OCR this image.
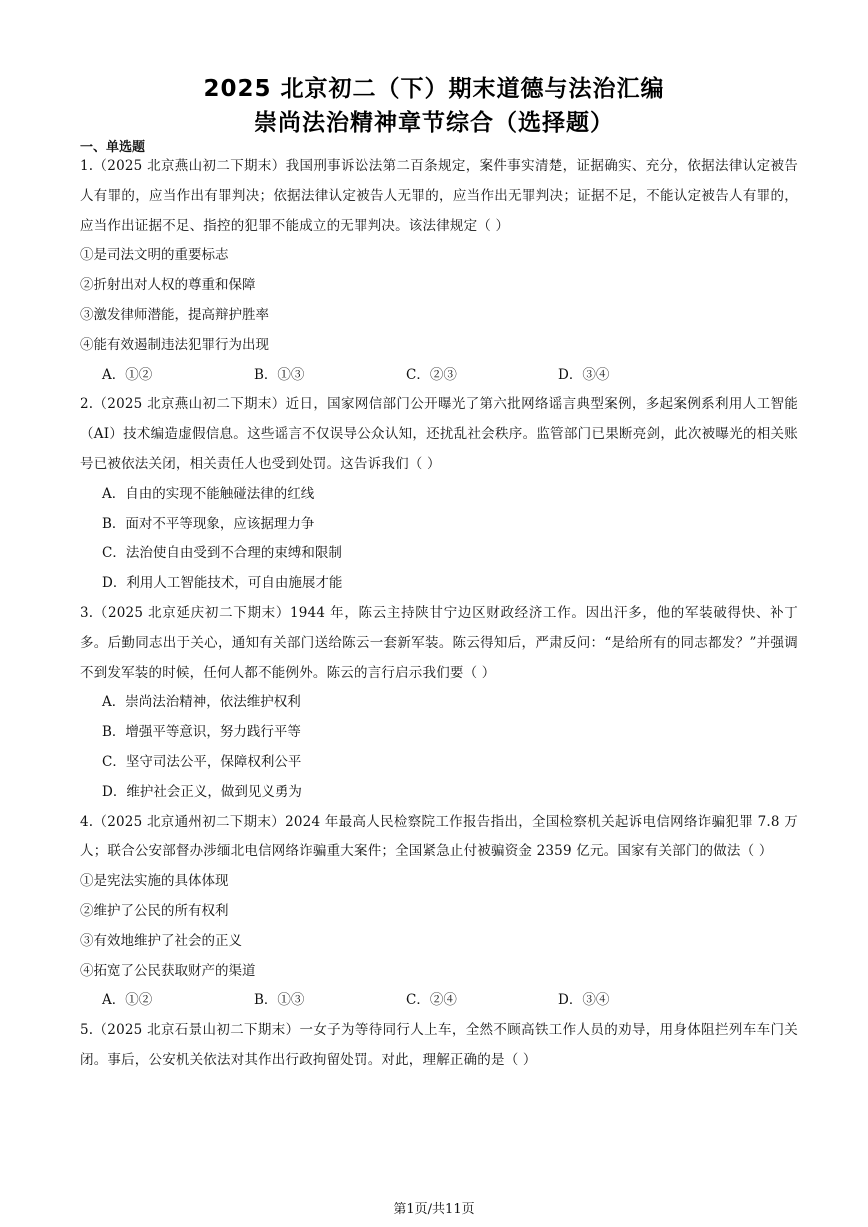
2025 北京初二（下）期末道德与法治汇编
崇尚法治精神章节综合（选择题）
一、单选题

1.（2025 北京燕山初二下期末）我国刑事诉讼法第二百条规定，案件事实清楚，证据确实、充分，依据法律认定被告人有罪的，应当作出有罪判决；依据法律认定被告人无罪的，应当作出无罪判决；证据不足，不能认定被告人有罪的，应当作出证据不足、指控的犯罪不能成立的无罪判决。该法律规定（ ）

①是司法文明的重要标志

②折射出对人权的尊重和保障

③激发律师潜能，提高辩护胜率

④能有效遏制违法犯罪行为出现

A．①②	B．①③	C．②③	D．③④

2.（2025 北京燕山初二下期末）近日，国家网信部门公开曝光了第六批网络谣言典型案例，多起案例系利用人工智能（AI）技术编造虚假信息。这些谣言不仅误导公众认知，还扰乱社会秩序。监管部门已果断亮剑，此次被曝光的相关账号已被依法关闭，相关责任人也受到处罚。这告诉我们（ ）

A．自由的实现不能触碰法律的红线

B．面对不平等现象，应该据理力争

C．法治使自由受到不合理的束缚和限制

D．利用人工智能技术，可自由施展才能

3.（2025 北京延庆初二下期末）1944 年，陈云主持陕甘宁边区财政经济工作。因出汗多，他的军装破得快、补丁多。后勤同志出于关心，通知有关部门送给陈云一套新军装。陈云得知后，严肃反问：“是给所有的同志都发？”并强调不到发军装的时候，任何人都不能例外。陈云的言行启示我们要（ ）

A．崇尚法治精神，依法维护权利

B．增强平等意识，努力践行平等

C．坚守司法公平，保障权利公平

D．维护社会正义，做到见义勇为

4.（2025 北京通州初二下期末）2024 年最高人民检察院工作报告指出，全国检察机关起诉电信网络诈骗犯罪 7.8 万人；联合公安部督办涉缅北电信网络诈骗重大案件；全国紧急止付被骗资金 2359 亿元。国家有关部门的做法（ ）

①是宪法实施的具体体现

②维护了公民的所有权利

③有效地维护了社会的正义

④拓宽了公民获取财产的渠道

A．①②	B．①③	C．②④	D．③④

5.（2025 北京石景山初二下期末）一女子为等待同行人上车，全然不顾高铁工作人员的劝导，用身体阻拦列车车门关闭。事后，公安机关依法对其作出行政拘留处罚。对此，理解正确的是（ ）

第1页/共11页
